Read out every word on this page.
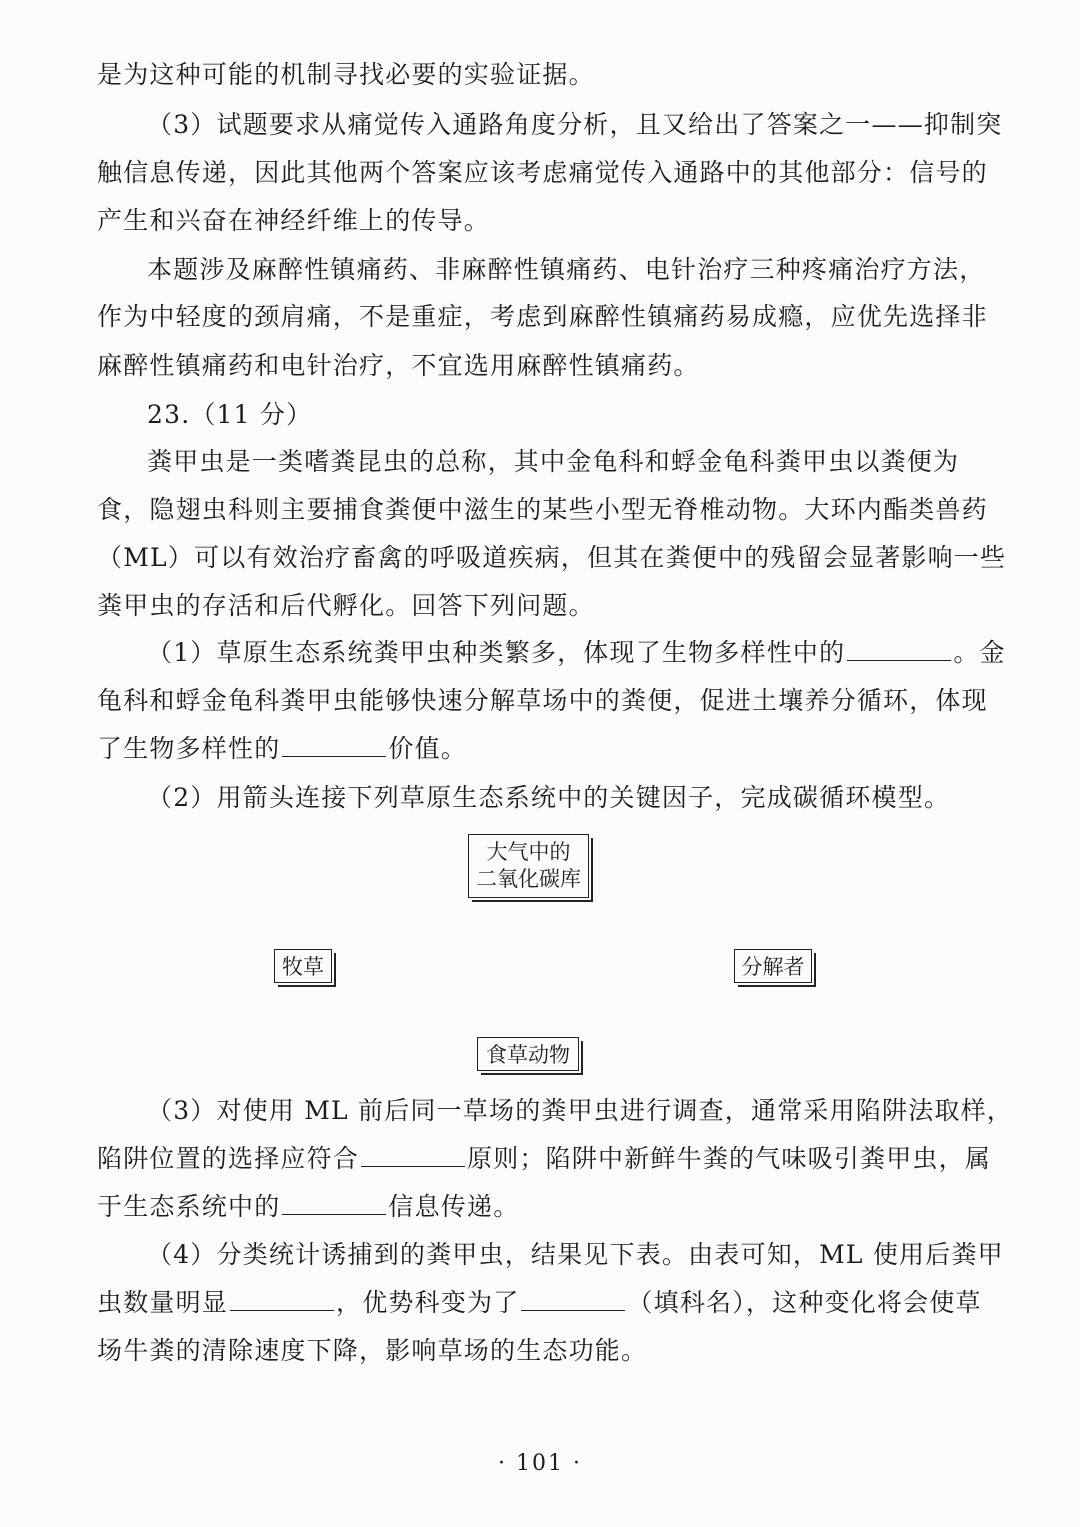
是为这种可能的机制寻找必要的实验证据。
（3）试题要求从痛觉传入通路角度分析，且又给出了答案之一——抑制突
触信息传递，因此其他两个答案应该考虑痛觉传入通路中的其他部分：信号的
产生和兴奋在神经纤维上的传导。
本题涉及麻醉性镇痛药、非麻醉性镇痛药、电针治疗三种疼痛治疗方法，
作为中轻度的颈肩痛，不是重症，考虑到麻醉性镇痛药易成瘾，应优先选择非
麻醉性镇痛药和电针治疗，不宜选用麻醉性镇痛药。
23.（11 分）
粪甲虫是一类嗜粪昆虫的总称，其中金龟科和蜉金龟科粪甲虫以粪便为
食，隐翅虫科则主要捕食粪便中滋生的某些小型无脊椎动物。大环内酯类兽药
（ML）可以有效治疗畜禽的呼吸道疾病，但其在粪便中的残留会显著影响一些
粪甲虫的存活和后代孵化。回答下列问题。
（1）草原生态系统粪甲虫种类繁多，体现了生物多样性中的	。金
龟科和蜉金龟科粪甲虫能够快速分解草场中的粪便，促进土壤养分循环，体现
了生物多样性的	价值。
（2）用箭头连接下列草原生态系统中的关键因子，完成碳循环模型。
大气中的
二氧化碳库
牧草	分解者
食草动物
（3）对使用 ML 前后同一草场的粪甲虫进行调查，通常采用陷阱法取样，
陷阱位置的选择应符合	原则；陷阱中新鲜牛粪的气味吸引粪甲虫，属
于生态系统中的	信息传递。
（4）分类统计诱捕到的粪甲虫，结果见下表。由表可知，ML 使用后粪甲
虫数量明显	，优势科变为了	（填科名），这种变化将会使草
场牛粪的清除速度下降，影响草场的生态功能。
· 101 ·
